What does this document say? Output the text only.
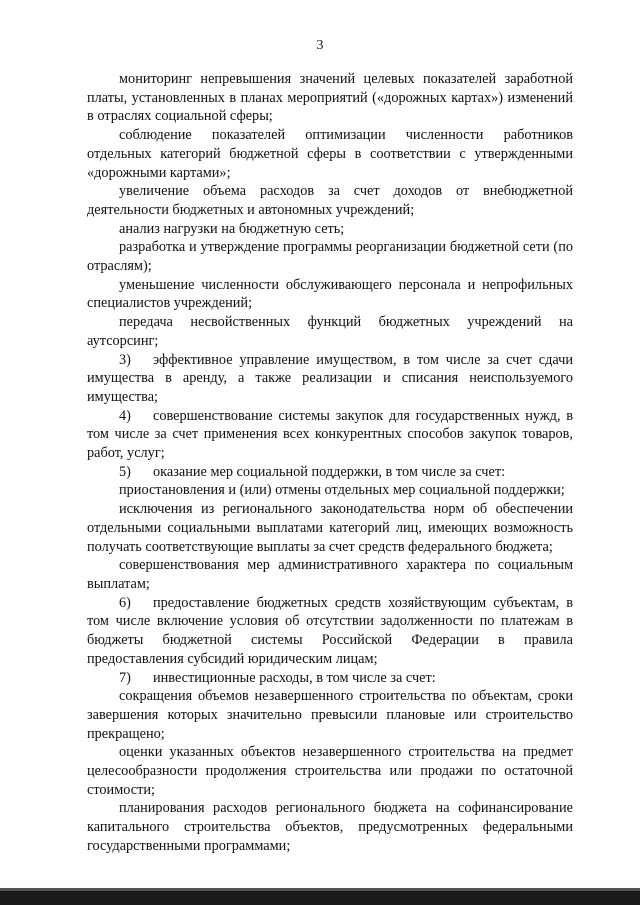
3

мониторинг непревышения значений целевых показателей заработной платы, установленных в планах мероприятий («дорожных картах») изменений в отраслях социальной сферы;

соблюдение показателей оптимизации численности работников отдельных категорий бюджетной сферы в соответствии с утвержденными «дорожными картами»;

увеличение объема расходов за счет доходов от внебюджетной деятельности бюджетных и автономных учреждений;

анализ нагрузки на бюджетную сеть;

разработка и утверждение программы реорганизации бюджетной сети (по отраслям);

уменьшение численности обслуживающего персонала и непрофильных специалистов учреждений;

передача несвойственных функций бюджетных учреждений на аутсорсинг;

3) эффективное управление имуществом, в том числе за счет сдачи имущества в аренду, а также реализации и списания неиспользуемого имущества;

4) совершенствование системы закупок для государственных нужд, в том числе за счет применения всех конкурентных способов закупок товаров, работ, услуг;

5) оказание мер социальной поддержки, в том числе за счет:

приостановления и (или) отмены отдельных мер социальной поддержки;

исключения из регионального законодательства норм об обеспечении отдельными социальными выплатами категорий лиц, имеющих возможность получать соответствующие выплаты за счет средств федерального бюджета;

совершенствования мер административного характера по социальным выплатам;

6) предоставление бюджетных средств хозяйствующим субъектам, в том числе включение условия об отсутствии задолженности по платежам в бюджеты бюджетной системы Российской Федерации в правила предоставления субсидий юридическим лицам;

7) инвестиционные расходы, в том числе за счет:

сокращения объемов незавершенного строительства по объектам, сроки завершения которых значительно превысили плановые или строительство прекращено;

оценки указанных объектов незавершенного строительства на предмет целесообразности продолжения строительства или продажи по остаточной стоимости;

планирования расходов регионального бюджета на софинансирование капитального строительства объектов, предусмотренных федеральными государственными программами;
